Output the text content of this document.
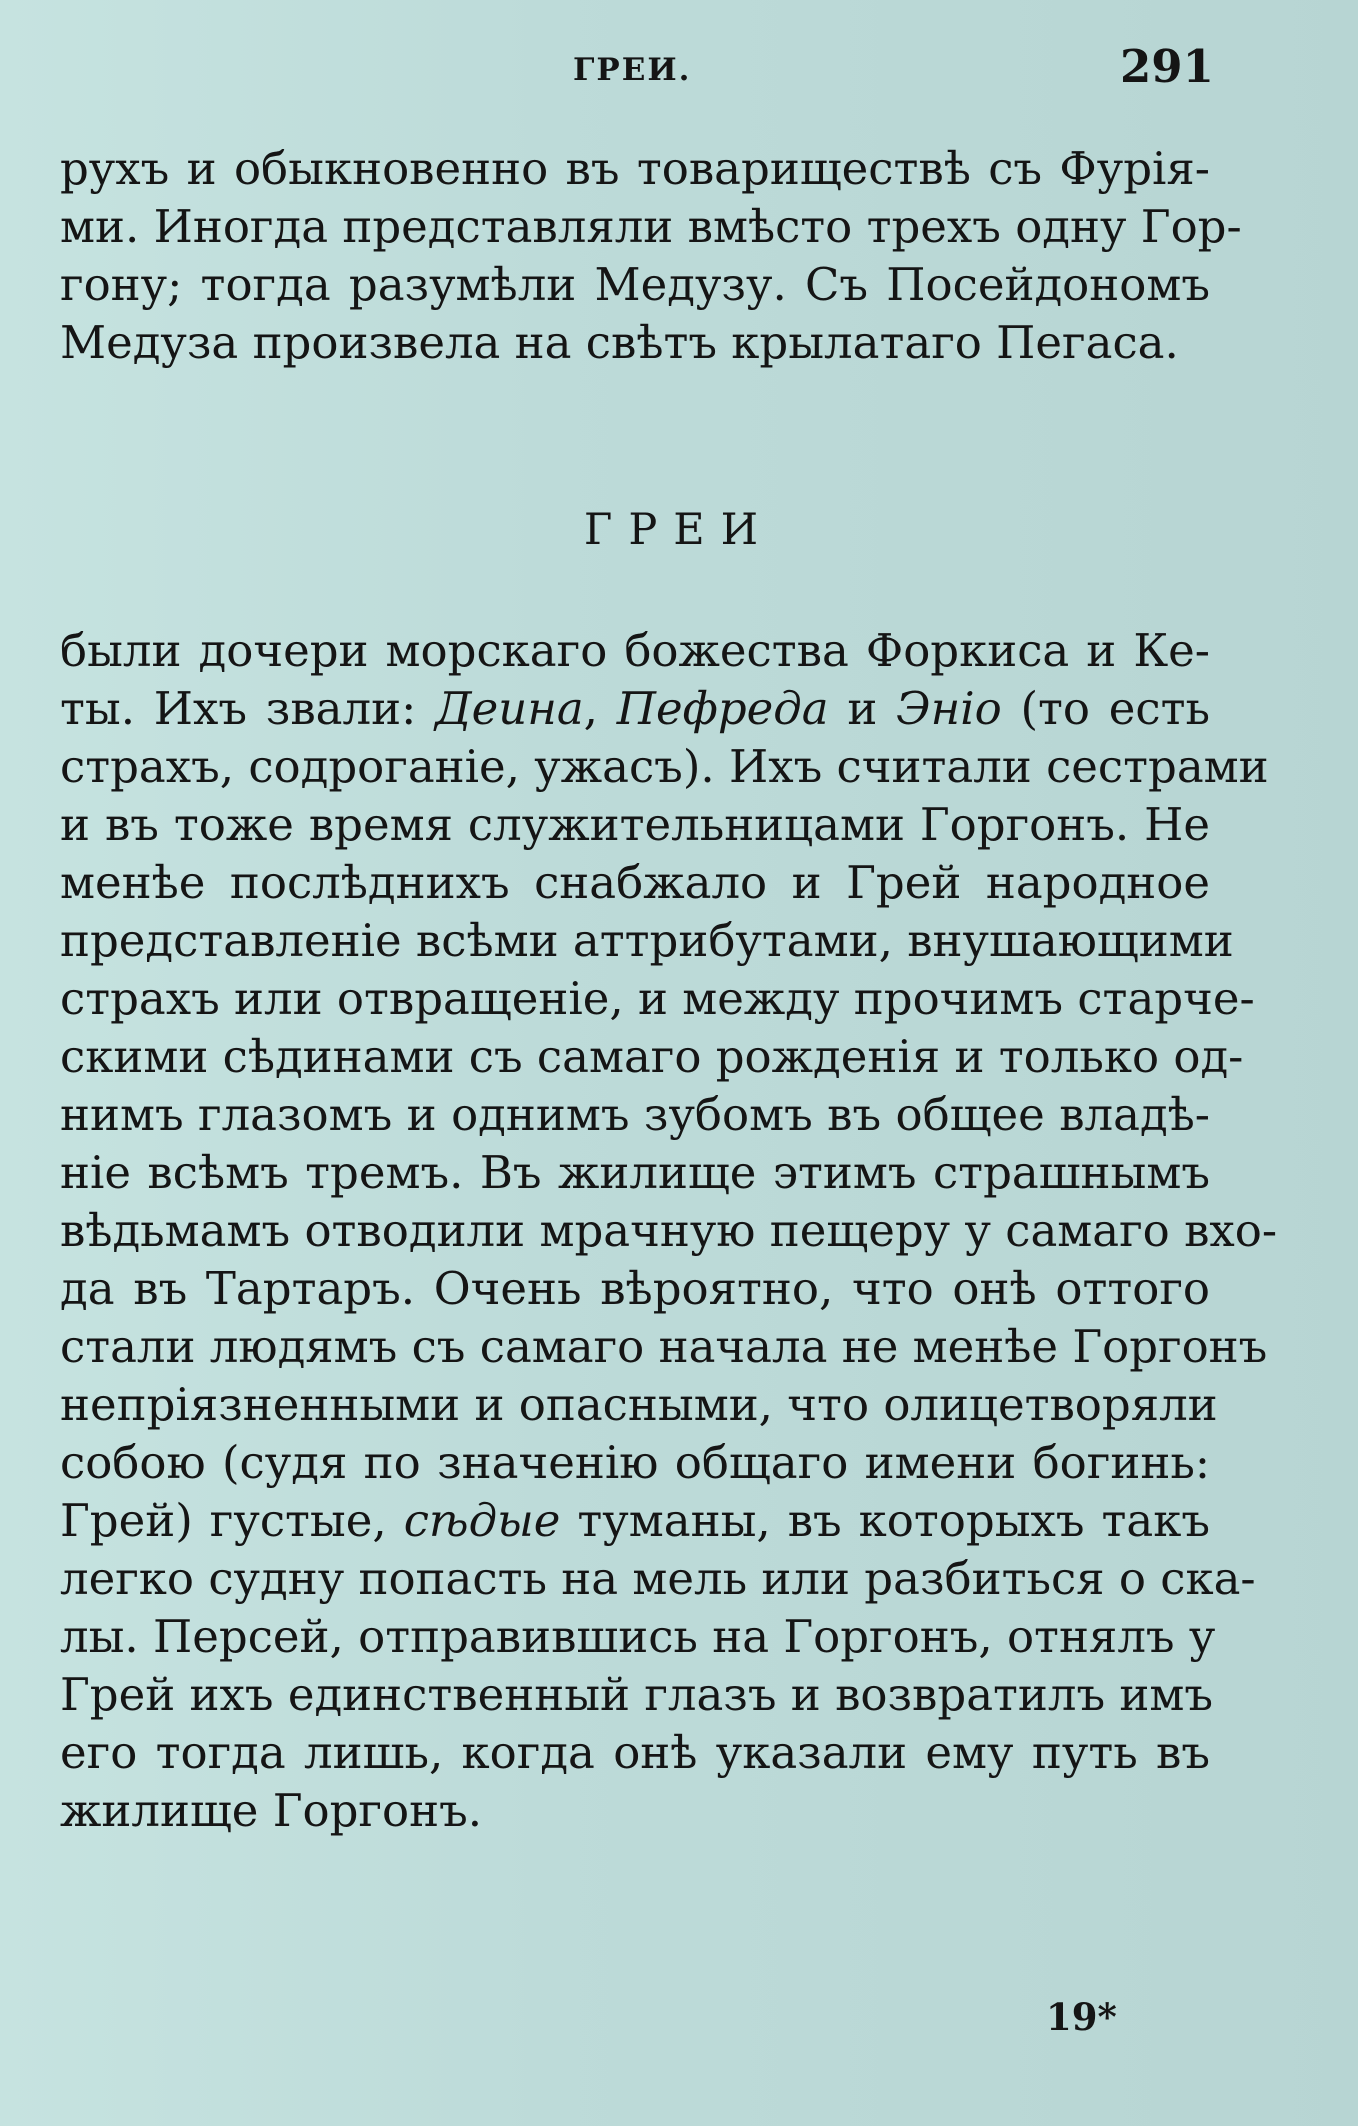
ГРЕИ.	291
рухъ и обыкновенно въ товариществѣ съ Фурія-
ми. Иногда представляли вмѣсто трехъ одну Гор-
гону; тогда разумѣли Медузу. Съ Посейдономъ
Медуза произвела на свѣтъ крылатаго Пегаса.
ГРЕИ
были дочери морскаго божества Форкиса и Ке-
ты. Ихъ звали: Деина, Пефреда и Эніо (то есть
страхъ, содроганіе, ужасъ). Ихъ считали сестрами
и въ тоже время служительницами Горгонъ. Не
менѣе послѣднихъ снабжало и Грей народное
представленіе всѣми аттрибутами, внушающими
страхъ или отвращеніе, и между прочимъ старче-
скими сѣдинами съ самаго рожденія и только од-
нимъ глазомъ и однимъ зубомъ въ общее владѣ-
ніе всѣмъ тремъ. Въ жилище этимъ страшнымъ
вѣдьмамъ отводили мрачную пещеру у самаго вхо-
да въ Тартаръ. Очень вѣроятно, что онѣ оттого
стали людямъ съ самаго начала не менѣе Горгонъ
непріязненными и опасными, что олицетворяли
собою (судя по значенію общаго имени богинь:
Грей) густые, сѣдые туманы, въ которыхъ такъ
легко судну попасть на мель или разбиться о ска-
лы. Персей, отправившись на Горгонъ, отнялъ у
Грей ихъ единственный глазъ и возвратилъ имъ
его тогда лишь, когда онѣ указали ему путь въ
жилище Горгонъ.
19*
